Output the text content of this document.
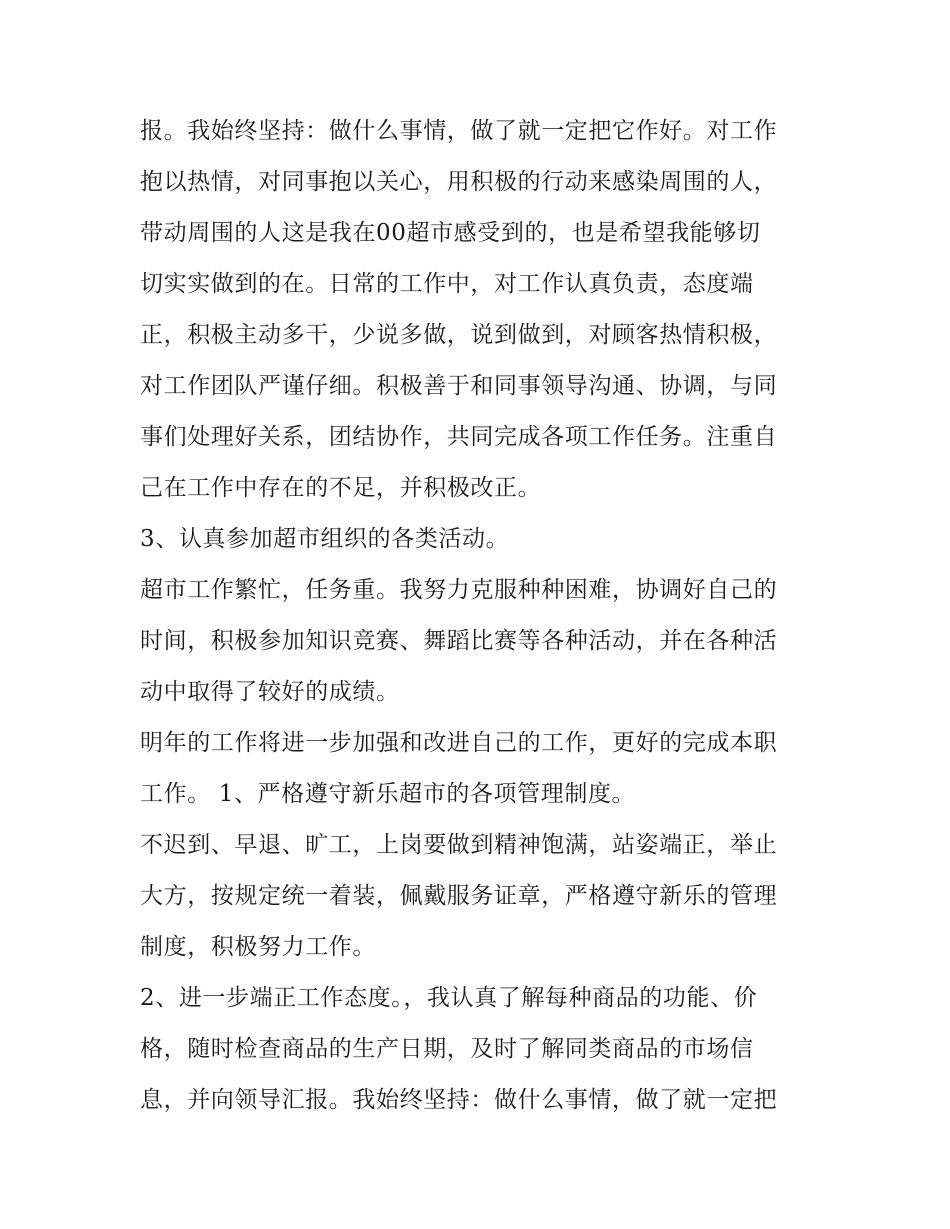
报。我始终坚持：做什么事情，做了就一定把它作好。对工作
抱以热情，对同事抱以关心，用积极的行动来感染周围的人，
带动周围的人这是我在00超市感受到的，也是希望我能够切
切实实做到的在。日常的工作中，对工作认真负责，态度端
正，积极主动多干，少说多做，说到做到，对顾客热情积极，
对工作团队严谨仔细。积极善于和同事领导沟通、协调，与同
事们处理好关系，团结协作，共同完成各项工作任务。注重自
己在工作中存在的不足，并积极改正。
3、认真参加超市组织的各类活动。
超市工作繁忙，任务重。我努力克服种种困难，协调好自己的
时间，积极参加知识竞赛、舞蹈比赛等各种活动，并在各种活
动中取得了较好的成绩。
明年的工作将进一步加强和改进自己的工作，更好的完成本职
工作。 1、严格遵守新乐超市的各项管理制度。
不迟到、早退、旷工，上岗要做到精神饱满，站姿端正，举止
大方，按规定统一着装，佩戴服务证章，严格遵守新乐的管理
制度，积极努力工作。
2、进一步端正工作态度。，我认真了解每种商品的功能、价
格，随时检查商品的生产日期，及时了解同类商品的市场信
息，并向领导汇报。我始终坚持：做什么事情，做了就一定把
